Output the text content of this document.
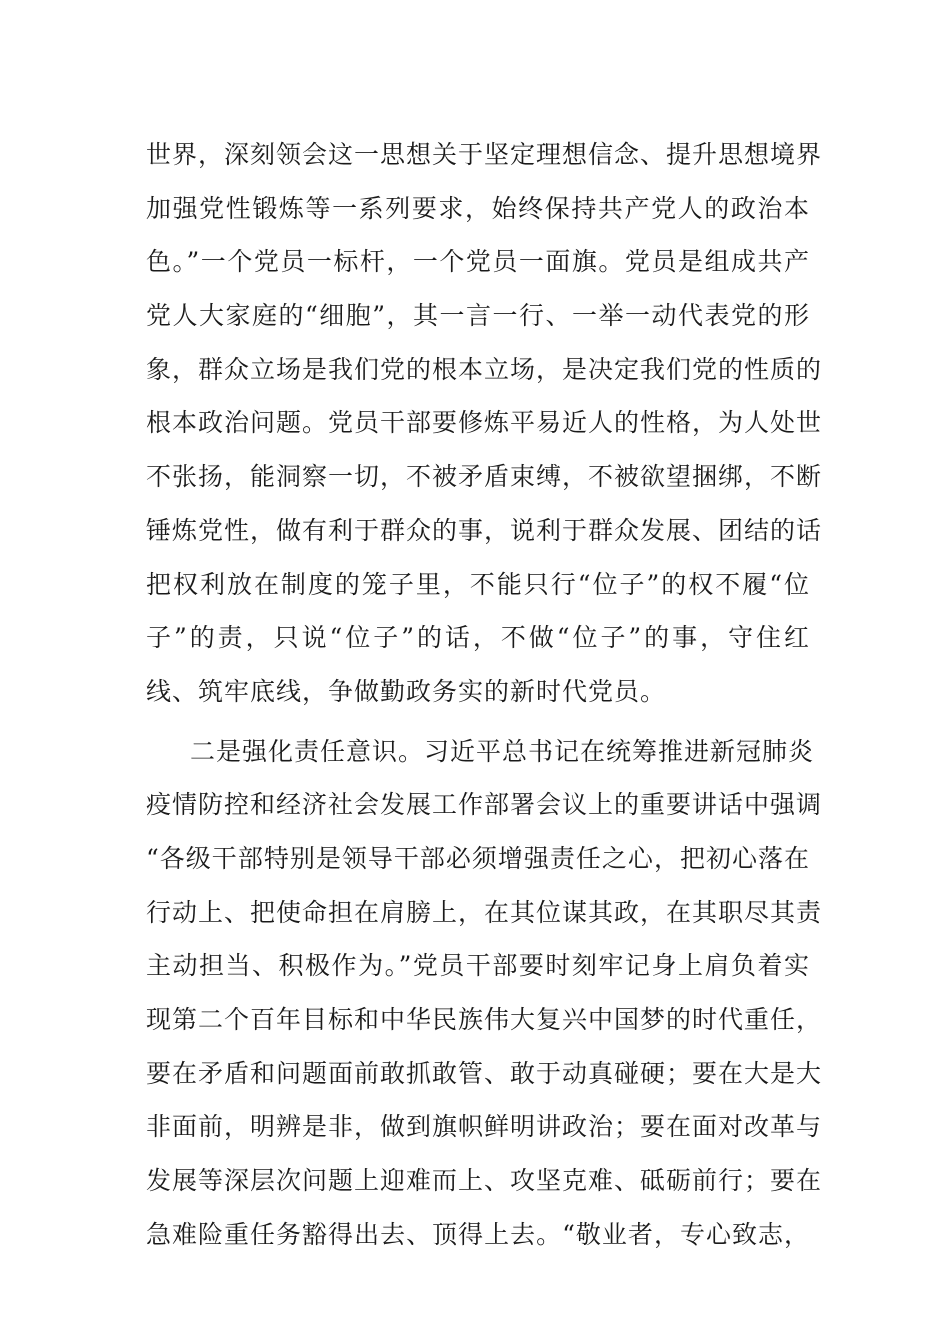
世界，深刻领会这一思想关于坚定理想信念、提升思想境界
加强党性锻炼等一系列要求，始终保持共产党人的政治本
色。”一个党员一标杆，一个党员一面旗。党员是组成共产
党人大家庭的“细胞”，其一言一行、一举一动代表党的形
象，群众立场是我们党的根本立场，是决定我们党的性质的
根本政治问题。党员干部要修炼平易近人的性格，为人处世
不张扬，能洞察一切，不被矛盾束缚，不被欲望捆绑，不断
锤炼党性，做有利于群众的事，说利于群众发展、团结的话
把权利放在制度的笼子里，不能只行“位子”的权不履“位
子”的责，只说“位子”的话，不做“位子”的事，守住红
线、筑牢底线，争做勤政务实的新时代党员。
二是强化责任意识。习近平总书记在统筹推进新冠肺炎
疫情防控和经济社会发展工作部署会议上的重要讲话中强调
“各级干部特别是领导干部必须增强责任之心，把初心落在
行动上、把使命担在肩膀上，在其位谋其政，在其职尽其责
主动担当、积极作为。”党员干部要时刻牢记身上肩负着实
现第二个百年目标和中华民族伟大复兴中国梦的时代重任，
要在矛盾和问题面前敢抓敢管、敢于动真碰硬；要在大是大
非面前，明辨是非，做到旗帜鲜明讲政治；要在面对改革与
发展等深层次问题上迎难而上、攻坚克难、砥砺前行；要在
急难险重任务豁得出去、顶得上去。“敬业者，专心致志，
